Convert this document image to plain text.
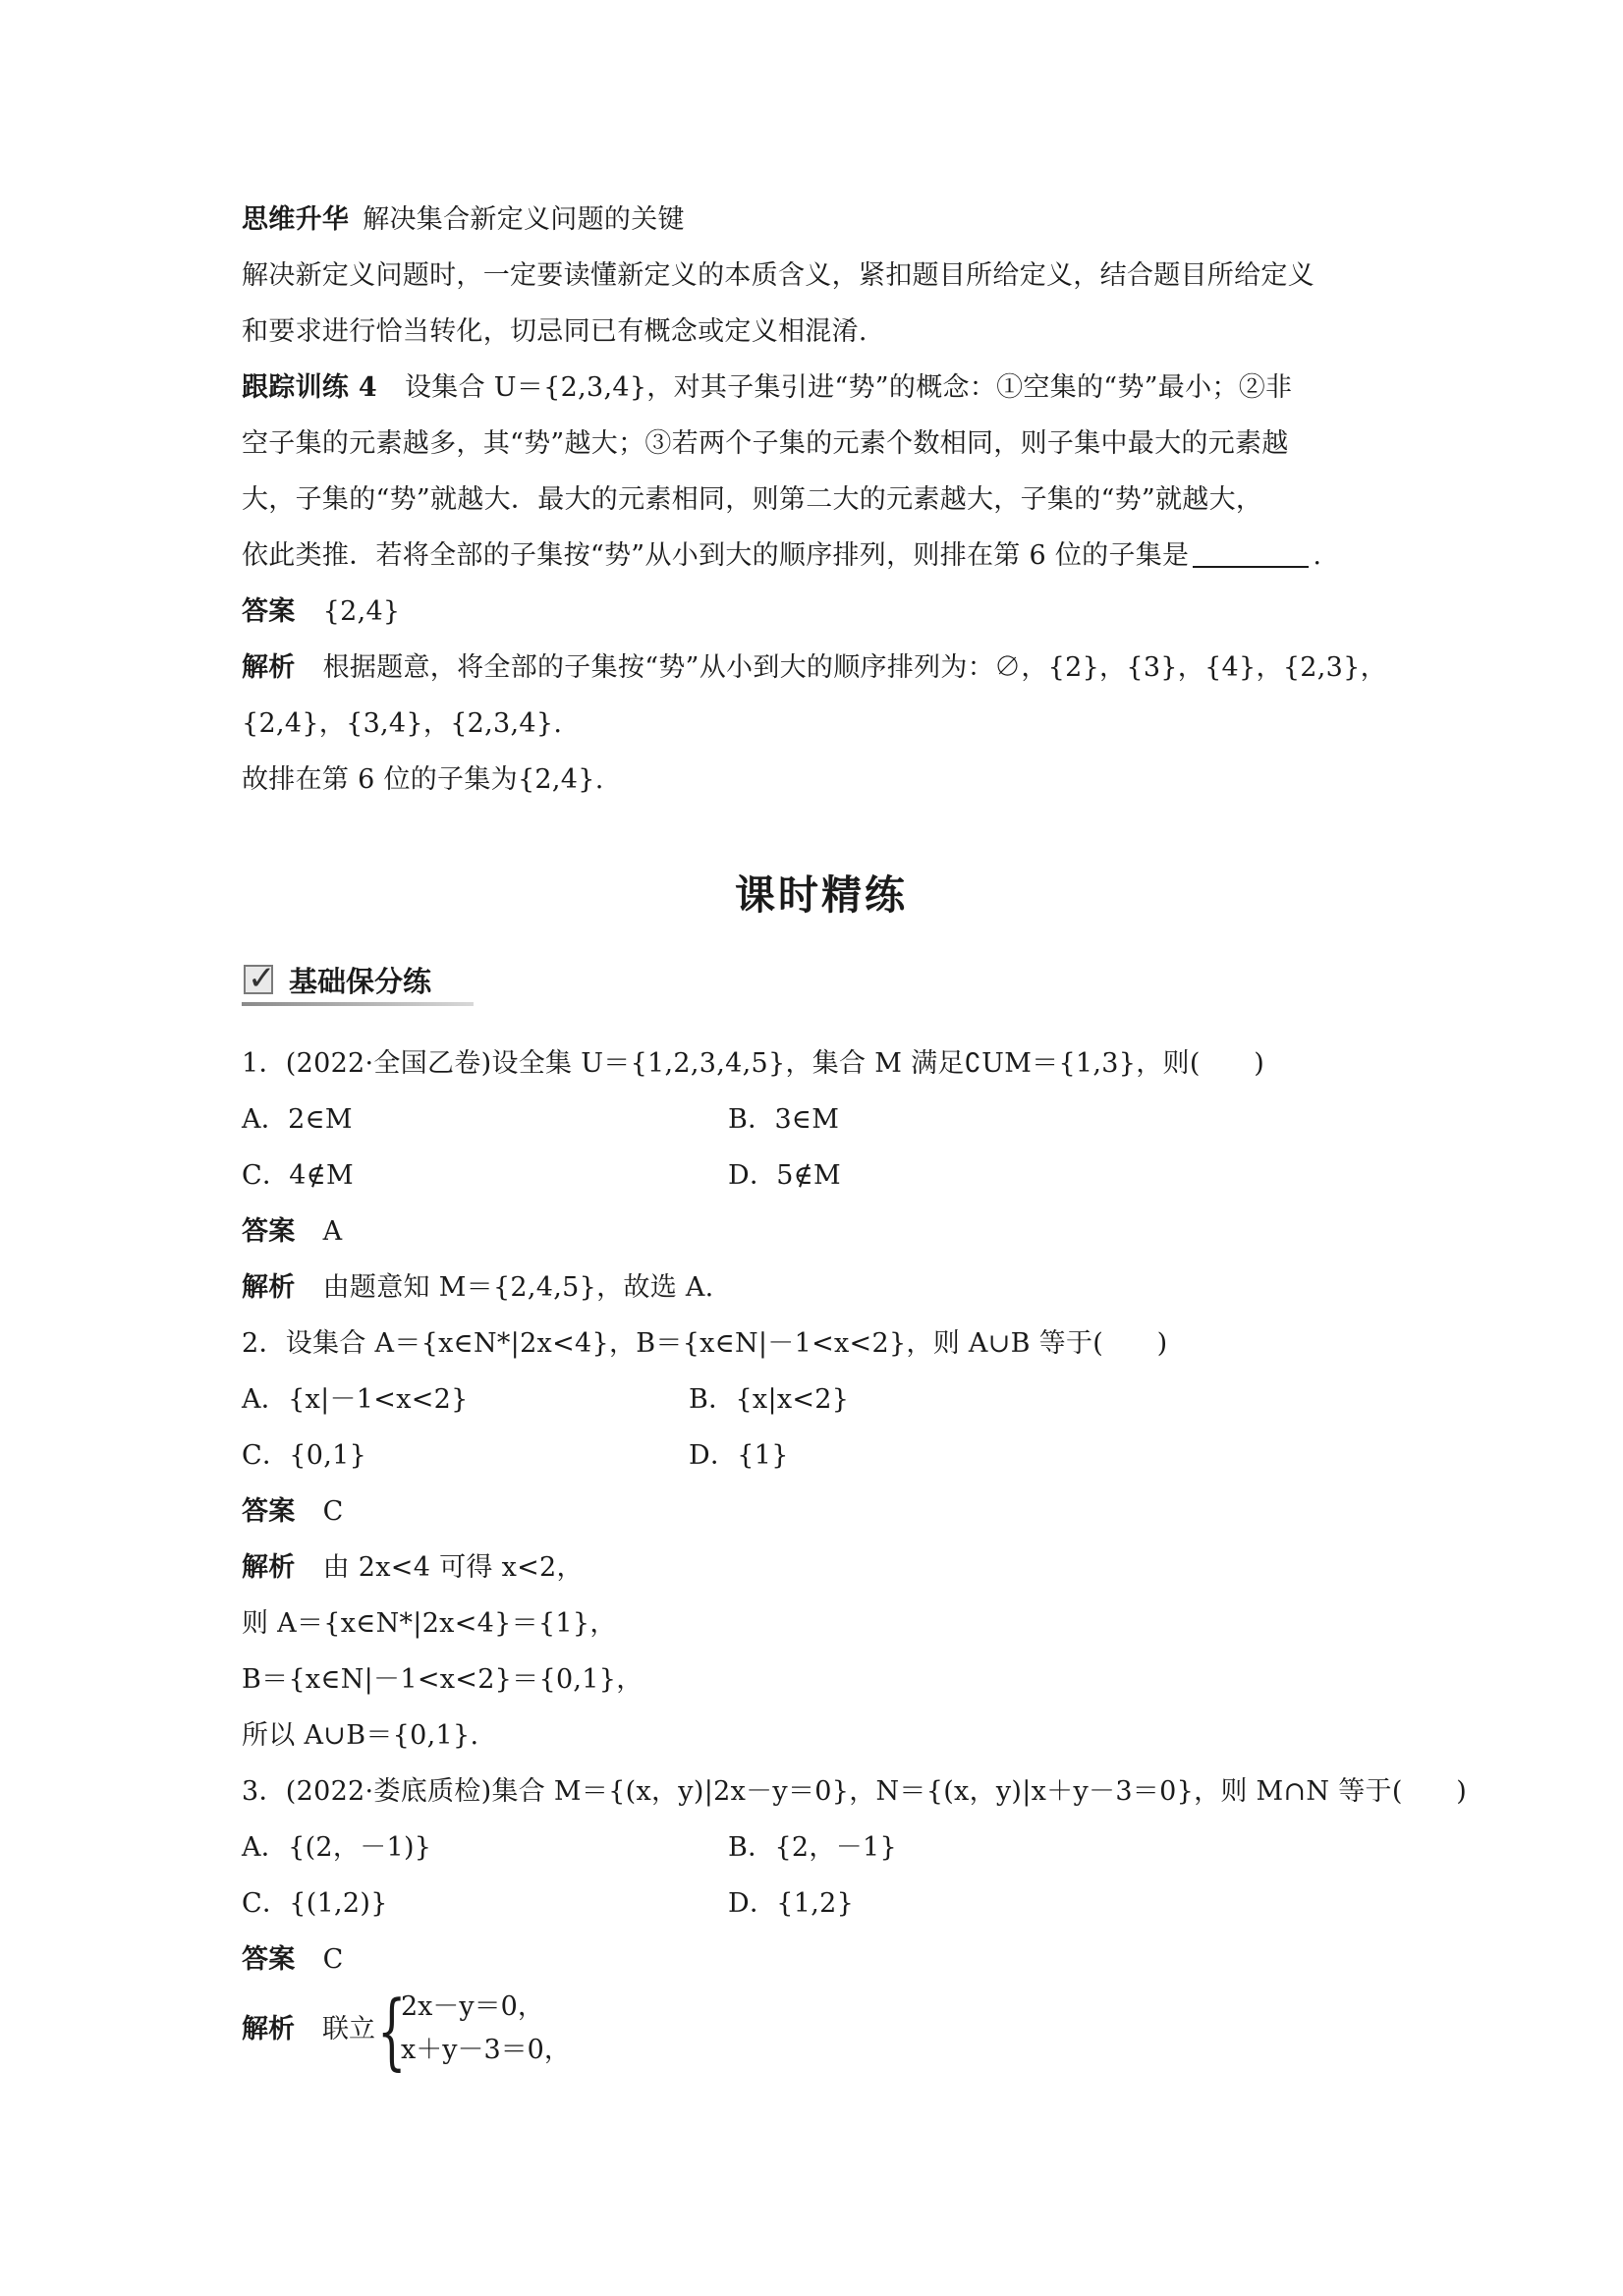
思维升华 解决集合新定义问题的关键
解决新定义问题时，一定要读懂新定义的本质含义，紧扣题目所给定义，结合题目所给定义
和要求进行恰当转化，切忌同已有概念或定义相混淆.
跟踪训练 4 设集合 U＝{2,3,4}，对其子集引进“势”的概念：①空集的“势”最小；②非
空子集的元素越多，其“势”越大；③若两个子集的元素个数相同，则子集中最大的元素越
大，子集的“势”就越大．最大的元素相同，则第二大的元素越大，子集的“势”就越大，
依此类推．若将全部的子集按“势”从小到大的顺序排列，则排在第 6 位的子集是	.
答案 {2,4}
解析 根据题意，将全部的子集按“势”从小到大的顺序排列为：∅，{2}，{3}，{4}，{2,3}，
{2,4}，{3,4}，{2,3,4}.
故排在第 6 位的子集为{2,4}.
课时精练
✓ 基础保分练
1．(2022·全国乙卷)设全集 U＝{1,2,3,4,5}，集合 M 满足∁UM＝{1,3}，则(　　)
A．2∈M	B．3∈M
C．4∉M	D．5∉M
答案 A
解析 由题意知 M＝{2,4,5}，故选 A.
2．设集合 A＝{x∈N*|2x<4}，B＝{x∈N|－1<x<2}，则 A∪B 等于(　　)
A．{x|－1<x<2}	B．{x|x<2}
C．{0,1}	D．{1}
答案 C
解析 由 2x<4 可得 x<2，
则 A＝{x∈N*|2x<4}＝{1}，
B＝{x∈N|－1<x<2}＝{0,1}，
所以 A∪B＝{0,1}.
3．(2022·娄底质检)集合 M＝{(x，y)|2x－y＝0}，N＝{(x，y)|x＋y－3＝0}，则 M∩N 等于(　　)
A．{(2，－1)}	B．{2，－1}
C．{(1,2)}	D．{1,2}
答案 C
解析 联立 {
2x－y＝0，
x＋y－3＝0，
